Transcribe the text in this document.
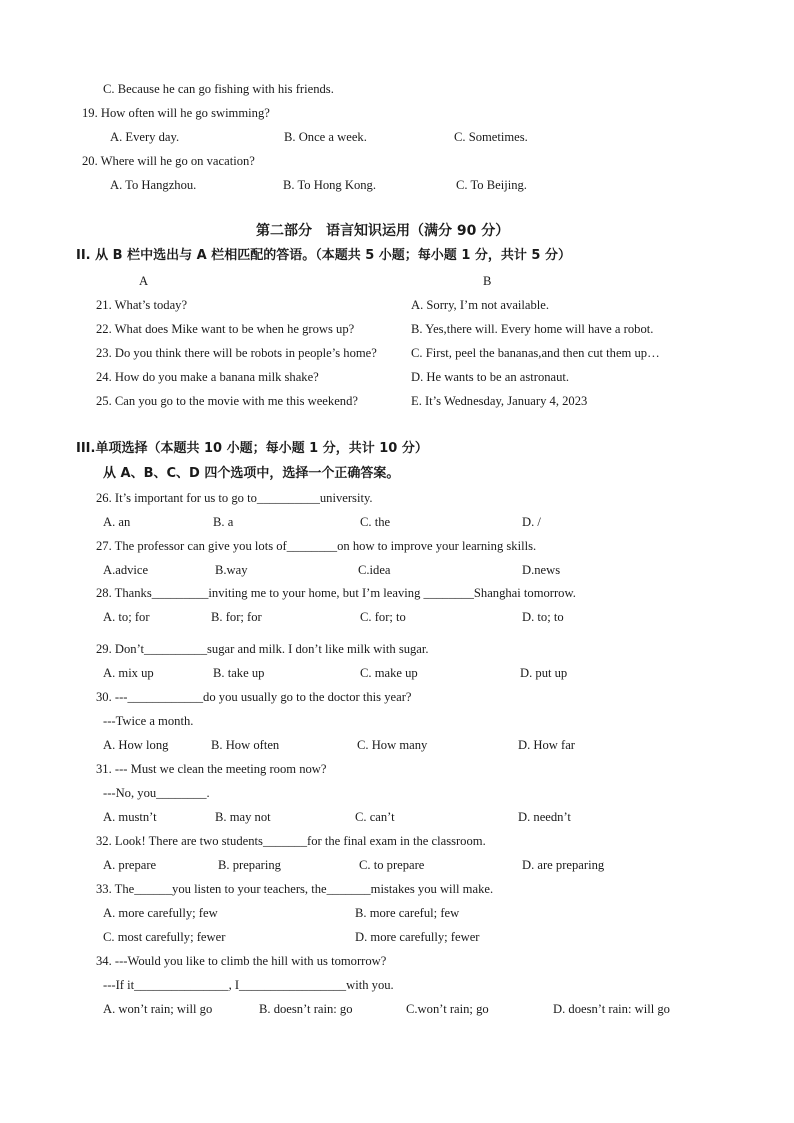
C. Because he can go fishing with his friends.
19. How often will he go swimming?
A. Every day.	B. Once a week.	C. Sometimes.
20. Where will he go on vacation?
A. To Hangzhou.	B. To Hong Kong.	C. To Beijing.
第二部分　语言知识运用（满分 90 分）
II. 从 B 栏中选出与 A 栏相匹配的答语。（本题共 5 小题；每小题 1 分，共计 5 分）
A	B
21. What’s today?	A. Sorry, I’m not available.
22. What does Mike want to be when he grows up?	B. Yes,there will. Every home will have a robot.
23. Do you think there will be robots in people’s home?	C. First, peel the bananas,and then cut them up…
24. How do you make a banana milk shake?	D. He wants to be an astronaut.
25. Can you go to the movie with me this weekend?	E. It’s Wednesday, January 4, 2023
III.单项选择（本题共 10 小题；每小题 1 分，共计 10 分）
从 A、B、C、D 四个选项中，选择一个正确答案。
26. It’s important for us to go to__________university.
A. an	B. a	C. the	D. /
27. The professor can give you lots of________on how to improve your learning skills.
A.advice	B.way	C.idea	D.news
28. Thanks_________inviting me to your home, but I’m leaving ________Shanghai tomorrow.
A. to; for	B. for; for	C. for; to	D. to; to
29. Don’t__________sugar and milk. I don’t like milk with sugar.
A. mix up	B. take up	C. make up	D. put up
30. ---____________do you usually go to the doctor this year?
---Twice a month.
A. How long	B. How often	C. How many	D. How far
31. --- Must we clean the meeting room now?
---No, you________.
A. mustn’t	B. may not	C. can’t	D. needn’t
32. Look! There are two students_______for the final exam in the classroom.
A. prepare	B. preparing	C. to prepare	D. are preparing
33. The______you listen to your teachers, the_______mistakes you will make.
A. more carefully; few	B. more careful; few
C. most carefully; fewer	D. more carefully; fewer
34. ---Would you like to climb the hill with us tomorrow?
---If it_______________, I_________________with you.
A. won’t rain; will go	B. doesn’t rain: go	C.won’t rain; go	D. doesn’t rain: will go
